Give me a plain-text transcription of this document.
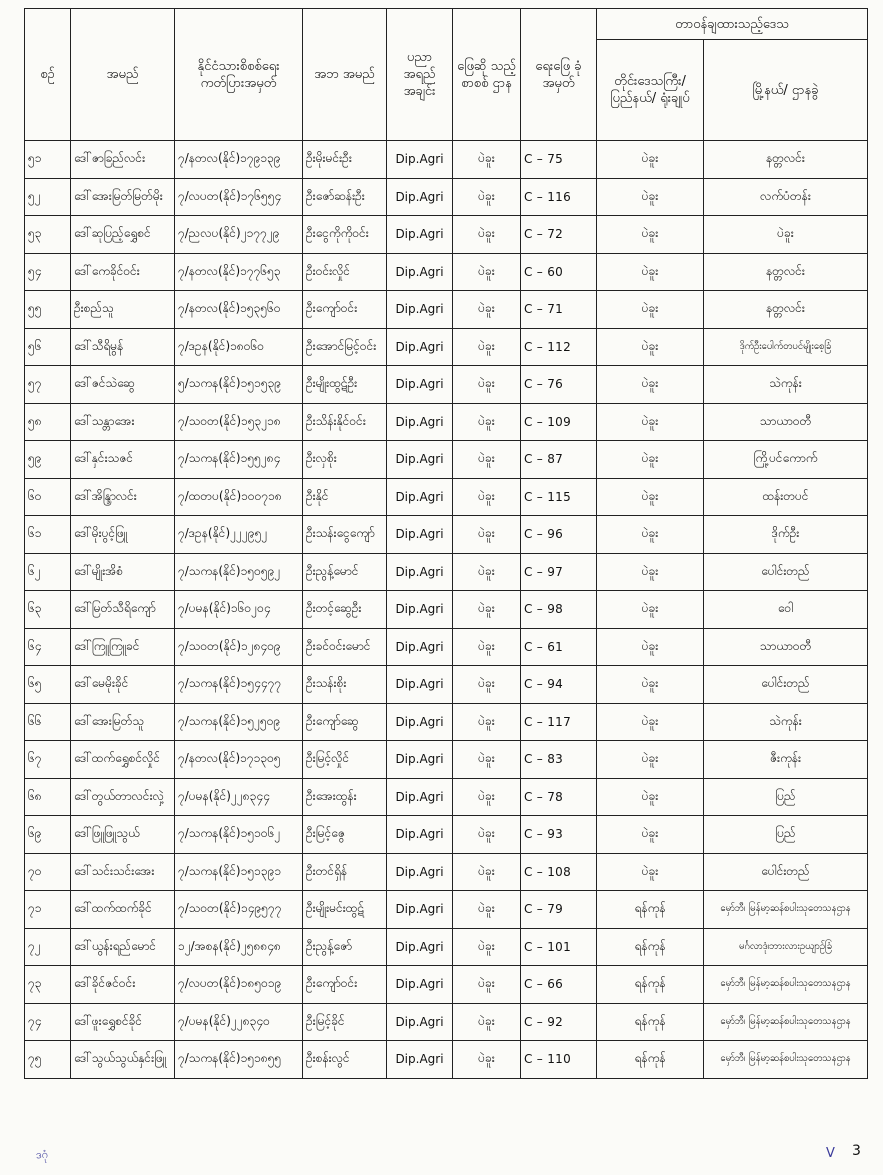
စဉ်	အမည်	နိုင်ငံသားစိစစ်ရေး ကတ်ပြားအမှတ်	အဘ အမည်	ပညာ အရည် အချင်း	ဖြေဆို သည့် စာစစ် ဌာန	ရေးဖြေ ခုံအမှတ်	တာဝန်ချထားသည့်ဒေသ	
							တိုင်းဒေသကြီး/ ပြည်နယ်/ ရုံးချုပ်	မြို့နယ်/ ဌာနခွဲ
၅၁	ဒေါ်ဇာခြည်လင်း	၇/နတလ(နိုင်)၁၇၉၁၃၉	ဦးမိုးမင်းဦး	Dip.Agri	ပဲခူး	C – 75	ပဲခူး	နတ္တလင်း
၅၂	ဒေါ်အေးမြတ်မြတ်မိုး	၇/လပတ(နိုင်)၁၇၆၅၅၄	ဦးဇော်ဆန်းဦး	Dip.Agri	ပဲခူး	C – 116	ပဲခူး	လက်ပံတန်း
၅၃	ဒေါ်ဆုပြည့်ရွှေစင်	၇/ညလပ(နိုင်)၂၁၇၇၂၉	ဦးငွေကိုကိုဝင်း	Dip.Agri	ပဲခူး	C – 72	ပဲခူး	ပဲခူး
၅၄	ဒေါ်ကေခိုင်ဝင်း	၇/နတလ(နိုင်)၁၇၇၆၅၃	ဦးဝင်းလှိုင်	Dip.Agri	ပဲခူး	C – 60	ပဲခူး	နတ္တလင်း
၅၅	ဦးစည်သူ	၇/နတလ(နိုင်)၁၅၃၅၆၀	ဦးကျော်ဝင်း	Dip.Agri	ပဲခူး	C – 71	ပဲခူး	နတ္တလင်း
၅၆	ဒေါ်သီရိမွန်	၇/ဒဥန(နိုင်)၁၈၀၆၀	ဦးအောင်မြင့်ဝင်း	Dip.Agri	ပဲခူး	C – 112	ပဲခူး	ဒိုက်ဦးပေါက်တပင်မျိုးစေ့ခြံ
၅၇	ဒေါ်ဇင်သဲဆွေ	၅/သကန(နိုင်)၁၅၁၅၃၉	ဦးမျိုးထွဋ်ဦး	Dip.Agri	ပဲခူး	C – 76	ပဲခူး	သဲကုန်း
၅၈	ဒေါ်သန္တာအေး	၇/သဝတ(နိုင်)၁၅၃၂၁၈	ဦးသိန်းနိုင်ဝင်း	Dip.Agri	ပဲခူး	C – 109	ပဲခူး	သာယာဝတီ
၅၉	ဒေါ်နှင်းသဇင်	၇/သကန(နိုင်)၁၅၅၂၈၄	ဦးလှစိုး	Dip.Agri	ပဲခူး	C – 87	ပဲခူး	ကြို့ပင်ကောက်
၆၀	ဒေါ်အိန္ဒြာလင်း	၇/ထတပ(နိုင်)၁၀၀၇၁၈	ဦးနိုင်	Dip.Agri	ပဲခူး	C – 115	ပဲခူး	ထန်းတပင်
၆၁	ဒေါ်မိုးပွင့်ဖြူ	၇/ဒဥန(နိုင်)၂၂၂၉၅၂	ဦးသန်းငွေကျော်	Dip.Agri	ပဲခူး	C – 96	ပဲခူး	ဒိုက်ဦး
၆၂	ဒေါ်မျိုးအိစံ	၇/သကန(နိုင်)၁၅၀၅၉၂	ဦးညွန့်မောင်	Dip.Agri	ပဲခူး	C – 97	ပဲခူး	ပေါင်းတည်
၆၃	ဒေါ်မြတ်သီရိကျော်	၇/ပမန(နိုင်)၁၆၀၂၀၄	ဦးတင့်ဆွေဦး	Dip.Agri	ပဲခူး	C – 98	ပဲခူး	ဝေါ
၆၄	ဒေါ်ကြူကြူခင်	၇/သဝတ(နိုင်)၁၂၈၄၀၉	ဦးခင်ဝင်းမောင်	Dip.Agri	ပဲခူး	C – 61	ပဲခူး	သာယာဝတီ
၆၅	ဒေါ်မေမိုးခိုင်	၇/သကန(နိုင်)၁၅၄၄၇၇	ဦးသန်းစိုး	Dip.Agri	ပဲခူး	C – 94	ပဲခူး	ပေါင်းတည်
၆၆	ဒေါ်အေးမြတ်သူ	၇/သကန(နိုင်)၁၅၂၅၀၉	ဦးကျော်ဆွေ	Dip.Agri	ပဲခူး	C – 117	ပဲခူး	သဲကုန်း
၆၇	ဒေါ်ထက်ရွှေစင်လှိုင်	၇/နတလ(နိုင်)၁၇၁၃၀၅	ဦးမြင့်လှိုင်	Dip.Agri	ပဲခူး	C – 83	ပဲခူး	ဇီးကုန်း
၆၈	ဒေါ်တွယ်တာလင်းလှဲ့	၇/ပမန(နိုင်)၂၂၈၃၄၄	ဦးအေးထွန်း	Dip.Agri	ပဲခူး	C – 78	ပဲခူး	ပြည်
၆၉	ဒေါ်ဖြူဖြူသွယ်	၇/သကန(နိုင်)၁၅၁၀၆၂	ဦးမြင့်ဇွေ	Dip.Agri	ပဲခူး	C – 93	ပဲခူး	ပြည်
၇၀	ဒေါ်သင်းသင်းအေး	၇/သကန(နိုင်)၁၅၁၃၉၁	ဦးတင်ရှိန်	Dip.Agri	ပဲခူး	C – 108	ပဲခူး	ပေါင်းတည်
၇၁	ဒေါ်ထက်ထက်ခိုင်	၇/သဝတ(နိုင်)၁၄၉၅၇၇	ဦးမျိုးမင်းထွဋ်	Dip.Agri	ပဲခူး	C – 79	ရန်ကုန်	မှော်ဘီ၊ မြန်မာ့ဆန်စပါးသုတေသနဌာန
၇၂	ဒေါ်ယွန်းရည်မောင်	၁၂/အစန(နိုင်)၂၅၈၈၄၈	ဦးညွန့်ဇော်	Dip.Agri	ပဲခူး	C – 101	ရန်ကုန်	မင်္ဂလာဒုံ၊ဘားလားဥယျာဉ်ခြံ
၇၃	ဒေါ်ခိုင်ဇင်ဝင်း	၇/လပတ(နိုင်)၁၈၅၀၁၉	ဦးကျော်ဝင်း	Dip.Agri	ပဲခူး	C – 66	ရန်ကုန်	မှော်ဘီ၊ မြန်မာ့ဆန်စပါးသုတေသနဌာန
၇၄	ဒေါ်ဖူးရွှေစင်ခိုင်	၇/ပမန(နိုင်)၂၂၈၃၄၀	ဦးမြင့်ခိုင်	Dip.Agri	ပဲခူး	C – 92	ရန်ကုန်	မှော်ဘီ၊ မြန်မာ့ဆန်စပါးသုတေသနဌာန
၇၅	ဒေါ်သွယ်သွယ်နှင်းဖြူ	၇/သကန(နိုင်)၁၅၁၈၅၅	ဦးစန်းလွင်	Dip.Agri	ပဲခူး	C – 110	ရန်ကုန်	မှော်ဘီ၊ မြန်မာ့ဆန်စပါးသုတေသနဌာန
ဒဂုံ	V 3
